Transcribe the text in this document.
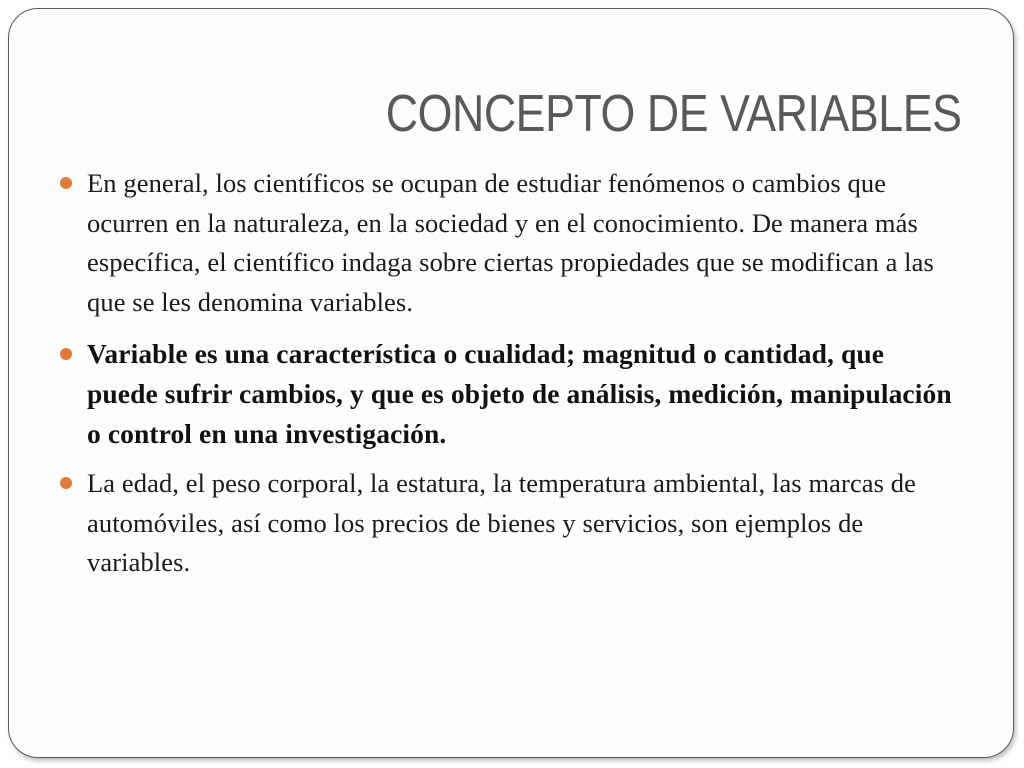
CONCEPTO DE VARIABLES
En general, los científicos se ocupan de estudiar fenómenos o cambios que ocurren en la naturaleza, en la sociedad y en el conocimiento. De manera más específica, el científico indaga sobre ciertas propiedades que se modifican a las que se les denomina variables.
Variable es una característica o cualidad; magnitud o cantidad, que puede sufrir cambios, y que es objeto de análisis, medición, manipulación o control en una investigación.
La edad, el peso corporal, la estatura, la temperatura ambiental, las marcas de automóviles, así como los precios de bienes y servicios, son ejemplos de variables.
